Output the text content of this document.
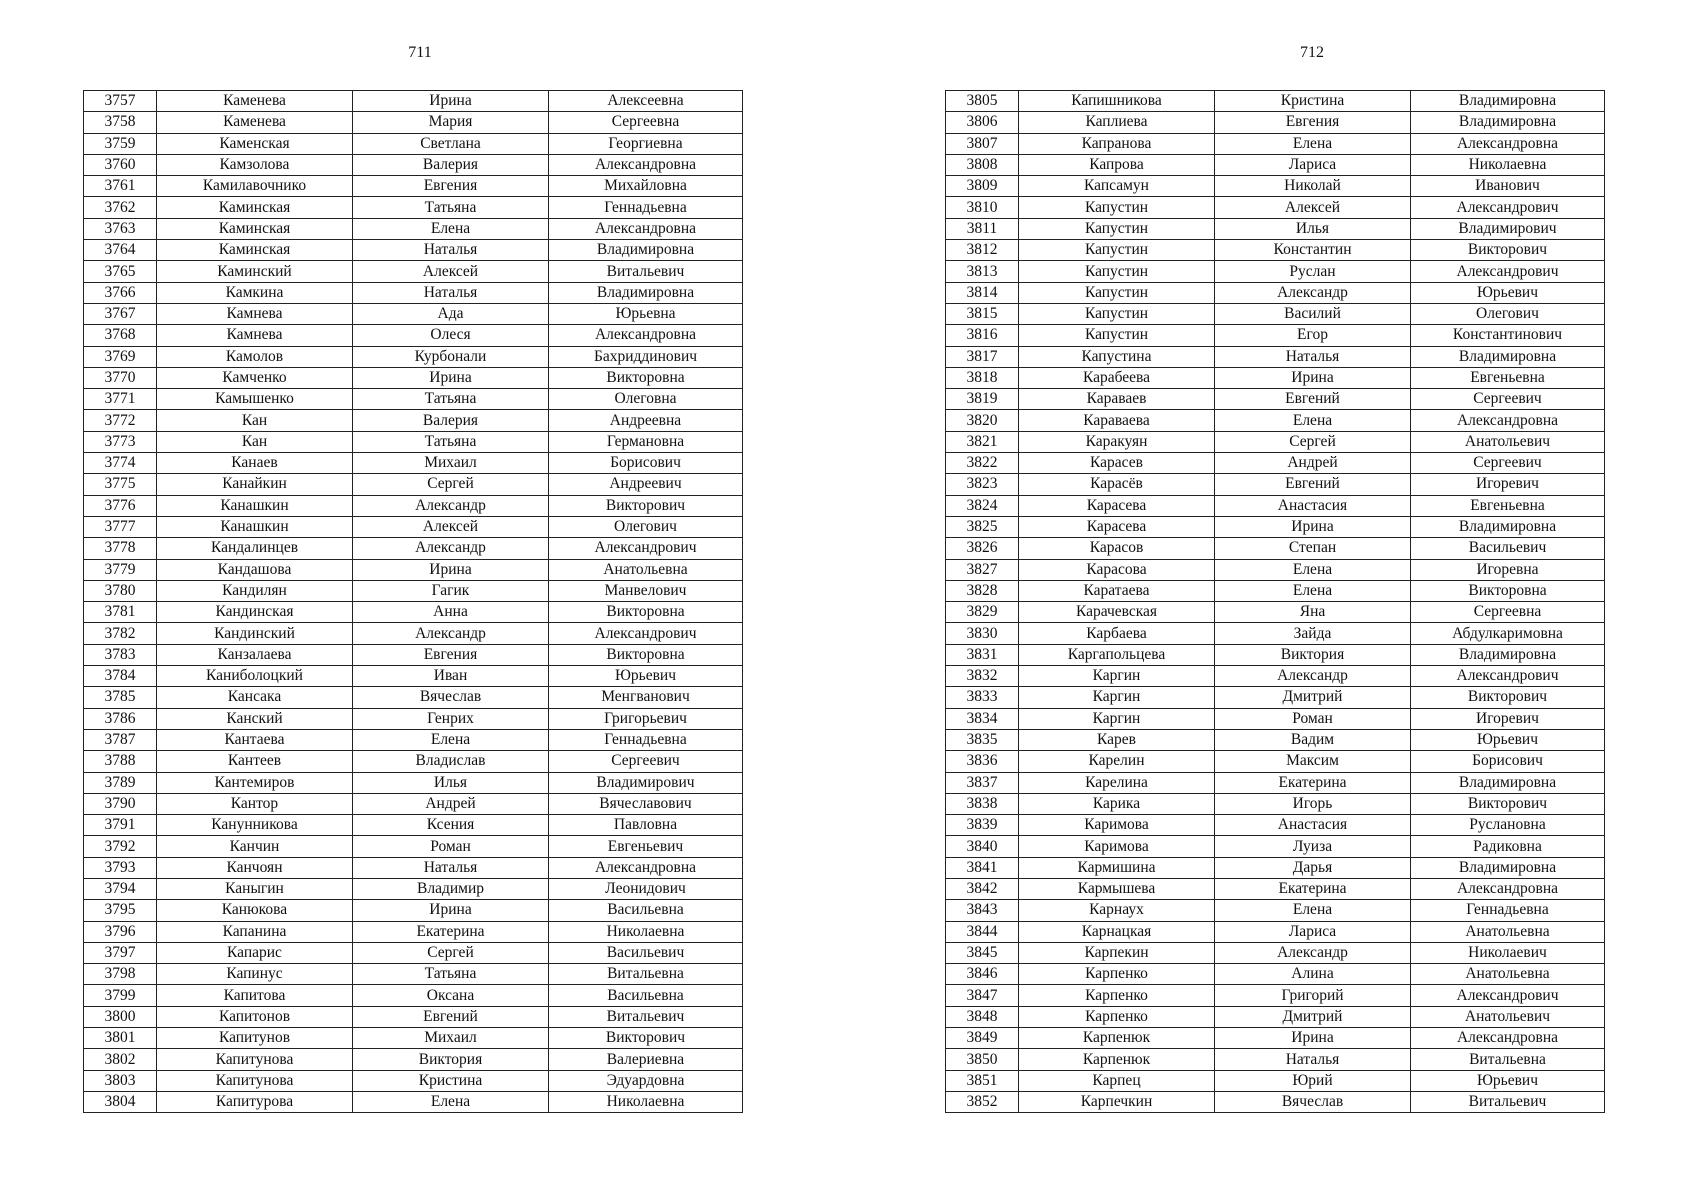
711	712
3757	Каменева	Ирина	Алексеевна
3758	Каменева	Мария	Сергеевна
3759	Каменская	Светлана	Георгиевна
3760	Камзолова	Валерия	Александровна
3761	Камилавочнико	Евгения	Михайловна
3762	Каминская	Татьяна	Геннадьевна
3763	Каминская	Елена	Александровна
3764	Каминская	Наталья	Владимировна
3765	Каминский	Алексей	Витальевич
3766	Камкина	Наталья	Владимировна
3767	Камнева	Ада	Юрьевна
3768	Камнева	Олеся	Александровна
3769	Камолов	Курбонали	Бахриддинович
3770	Камченко	Ирина	Викторовна
3771	Камышенко	Татьяна	Олеговна
3772	Кан	Валерия	Андреевна
3773	Кан	Татьяна	Германовна
3774	Канаев	Михаил	Борисович
3775	Канайкин	Сергей	Андреевич
3776	Канашкин	Александр	Викторович
3777	Канашкин	Алексей	Олегович
3778	Кандалинцев	Александр	Александрович
3779	Кандашова	Ирина	Анатольевна
3780	Кандилян	Гагик	Манвелович
3781	Кандинская	Анна	Викторовна
3782	Кандинский	Александр	Александрович
3783	Канзалаева	Евгения	Викторовна
3784	Каниболоцкий	Иван	Юрьевич
3785	Кансака	Вячеслав	Менгванович
3786	Канский	Генрих	Григорьевич
3787	Кантаева	Елена	Геннадьевна
3788	Кантеев	Владислав	Сергеевич
3789	Кантемиров	Илья	Владимирович
3790	Кантор	Андрей	Вячеславович
3791	Канунникова	Ксения	Павловна
3792	Канчин	Роман	Евгеньевич
3793	Канчоян	Наталья	Александровна
3794	Каныгин	Владимир	Леонидович
3795	Канюкова	Ирина	Васильевна
3796	Капанина	Екатерина	Николаевна
3797	Капарис	Сергей	Васильевич
3798	Капинус	Татьяна	Витальевна
3799	Капитова	Оксана	Васильевна
3800	Капитонов	Евгений	Витальевич
3801	Капитунов	Михаил	Викторович
3802	Капитунова	Виктория	Валериевна
3803	Капитунова	Кристина	Эдуардовна
3804	Капитурова	Елена	Николаевна
3805	Капишникова	Кристина	Владимировна
3806	Каплиева	Евгения	Владимировна
3807	Капранова	Елена	Александровна
3808	Капрова	Лариса	Николаевна
3809	Капсамун	Николай	Иванович
3810	Капустин	Алексей	Александрович
3811	Капустин	Илья	Владимирович
3812	Капустин	Константин	Викторович
3813	Капустин	Руслан	Александрович
3814	Капустин	Александр	Юрьевич
3815	Капустин	Василий	Олегович
3816	Капустин	Егор	Константинович
3817	Капустина	Наталья	Владимировна
3818	Карабеева	Ирина	Евгеньевна
3819	Караваев	Евгений	Сергеевич
3820	Караваева	Елена	Александровна
3821	Каракуян	Сергей	Анатольевич
3822	Карасев	Андрей	Сергеевич
3823	Карасёв	Евгений	Игоревич
3824	Карасева	Анастасия	Евгеньевна
3825	Карасева	Ирина	Владимировна
3826	Карасов	Степан	Васильевич
3827	Карасова	Елена	Игоревна
3828	Каратаева	Елена	Викторовна
3829	Карачевская	Яна	Сергеевна
3830	Карбаева	Зайда	Абдулкаримовна
3831	Каргапольцева	Виктория	Владимировна
3832	Каргин	Александр	Александрович
3833	Каргин	Дмитрий	Викторович
3834	Каргин	Роман	Игоревич
3835	Карев	Вадим	Юрьевич
3836	Карелин	Максим	Борисович
3837	Карелина	Екатерина	Владимировна
3838	Карика	Игорь	Викторович
3839	Каримова	Анастасия	Руслановна
3840	Каримова	Луиза	Радиковна
3841	Кармишина	Дарья	Владимировна
3842	Кармышева	Екатерина	Александровна
3843	Карнаух	Елена	Геннадьевна
3844	Карнацкая	Лариса	Анатольевна
3845	Карпекин	Александр	Николаевич
3846	Карпенко	Алина	Анатольевна
3847	Карпенко	Григорий	Александрович
3848	Карпенко	Дмитрий	Анатольевич
3849	Карпенюк	Ирина	Александровна
3850	Карпенюк	Наталья	Витальевна
3851	Карпец	Юрий	Юрьевич
3852	Карпечкин	Вячеслав	Витальевич
